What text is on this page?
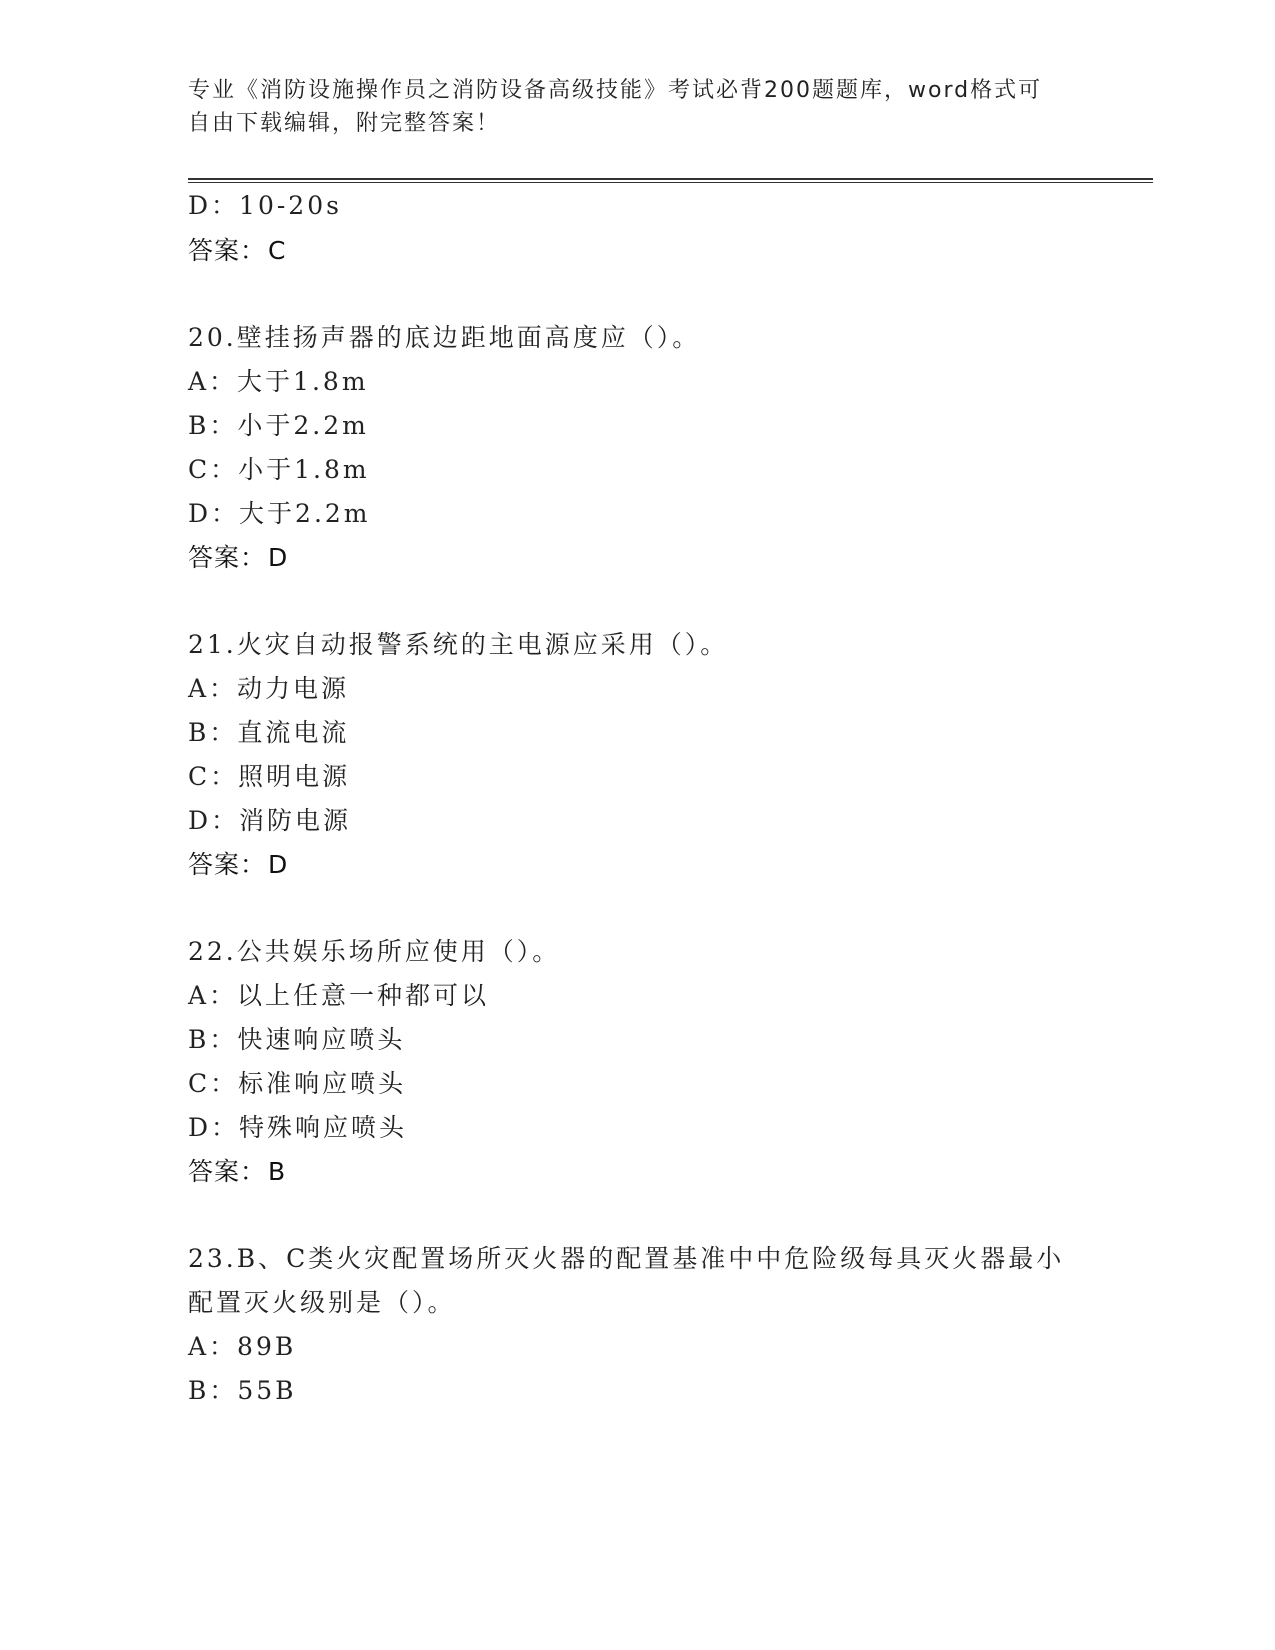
专业《消防设施操作员之消防设备高级技能》考试必背200题题库，word格式可
自由下载编辑，附完整答案！
D：10-20s
答案：C
20.壁挂扬声器的底边距地面高度应（）。
A：大于1.8m
B：小于2.2m
C：小于1.8m
D：大于2.2m
答案：D
21.火灾自动报警系统的主电源应采用（）。
A：动力电源
B：直流电流
C：照明电源
D：消防电源
答案：D
22.公共娱乐场所应使用（）。
A：以上任意一种都可以
B：快速响应喷头
C：标准响应喷头
D：特殊响应喷头
答案：B
23.B、C类火灾配置场所灭火器的配置基准中中危险级每具灭火器最小
配置灭火级别是（）。
A：89B
B：55B
